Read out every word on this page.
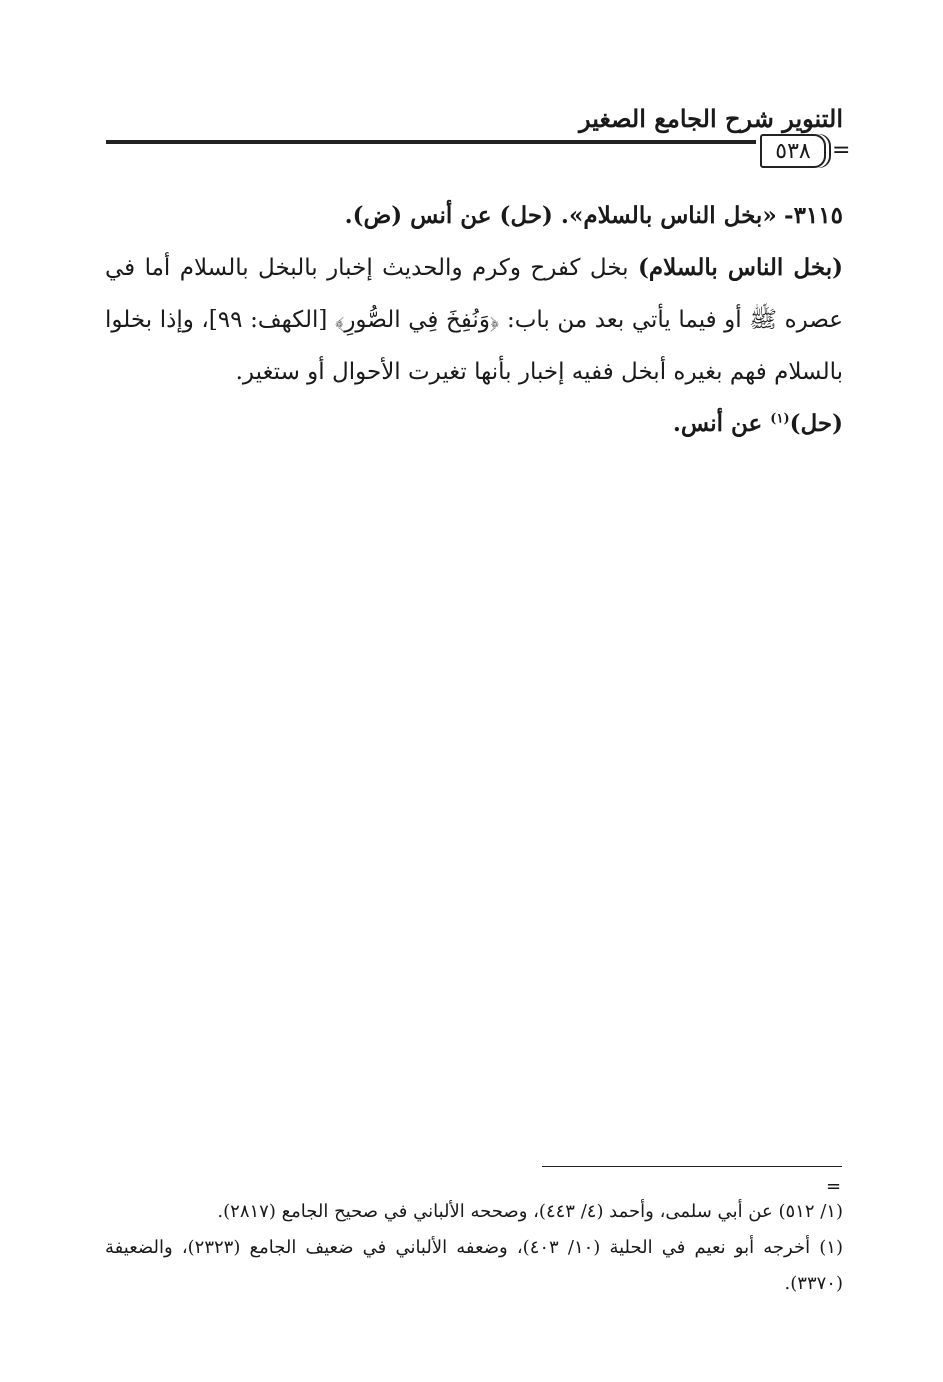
التنوير شرح الجامع الصغير
٥٣٨ =

٣١١٥- «بخل الناس بالسلام». (حل) عن أنس (ض).

(بخل الناس بالسلام) بخل كفرح وكرم والحديث إخبار بالبخل بالسلام أما في عصره ﷺ أو فيما يأتي بعد من باب: ﴿وَنُفِخَ فِي الصُّورِ﴾ [الكهف: ٩٩]، وإذا بخلوا بالسلام فهم بغيره أبخل ففيه إخبار بأنها تغيرت الأحوال أو ستغير.

(حل)$^{(١)}$ عن أنس.

=

(١/ ٥١٢) عن أبي سلمى، وأحمد (٤/ ٤٤٣)، وصححه الألباني في صحيح الجامع (٢٨١٧).

(١) أخرجه أبو نعيم في الحلية (١٠/ ٤٠٣)، وضعفه الألباني في ضعيف الجامع (٢٣٢٣)، والضعيفة (٣٣٧٠).
